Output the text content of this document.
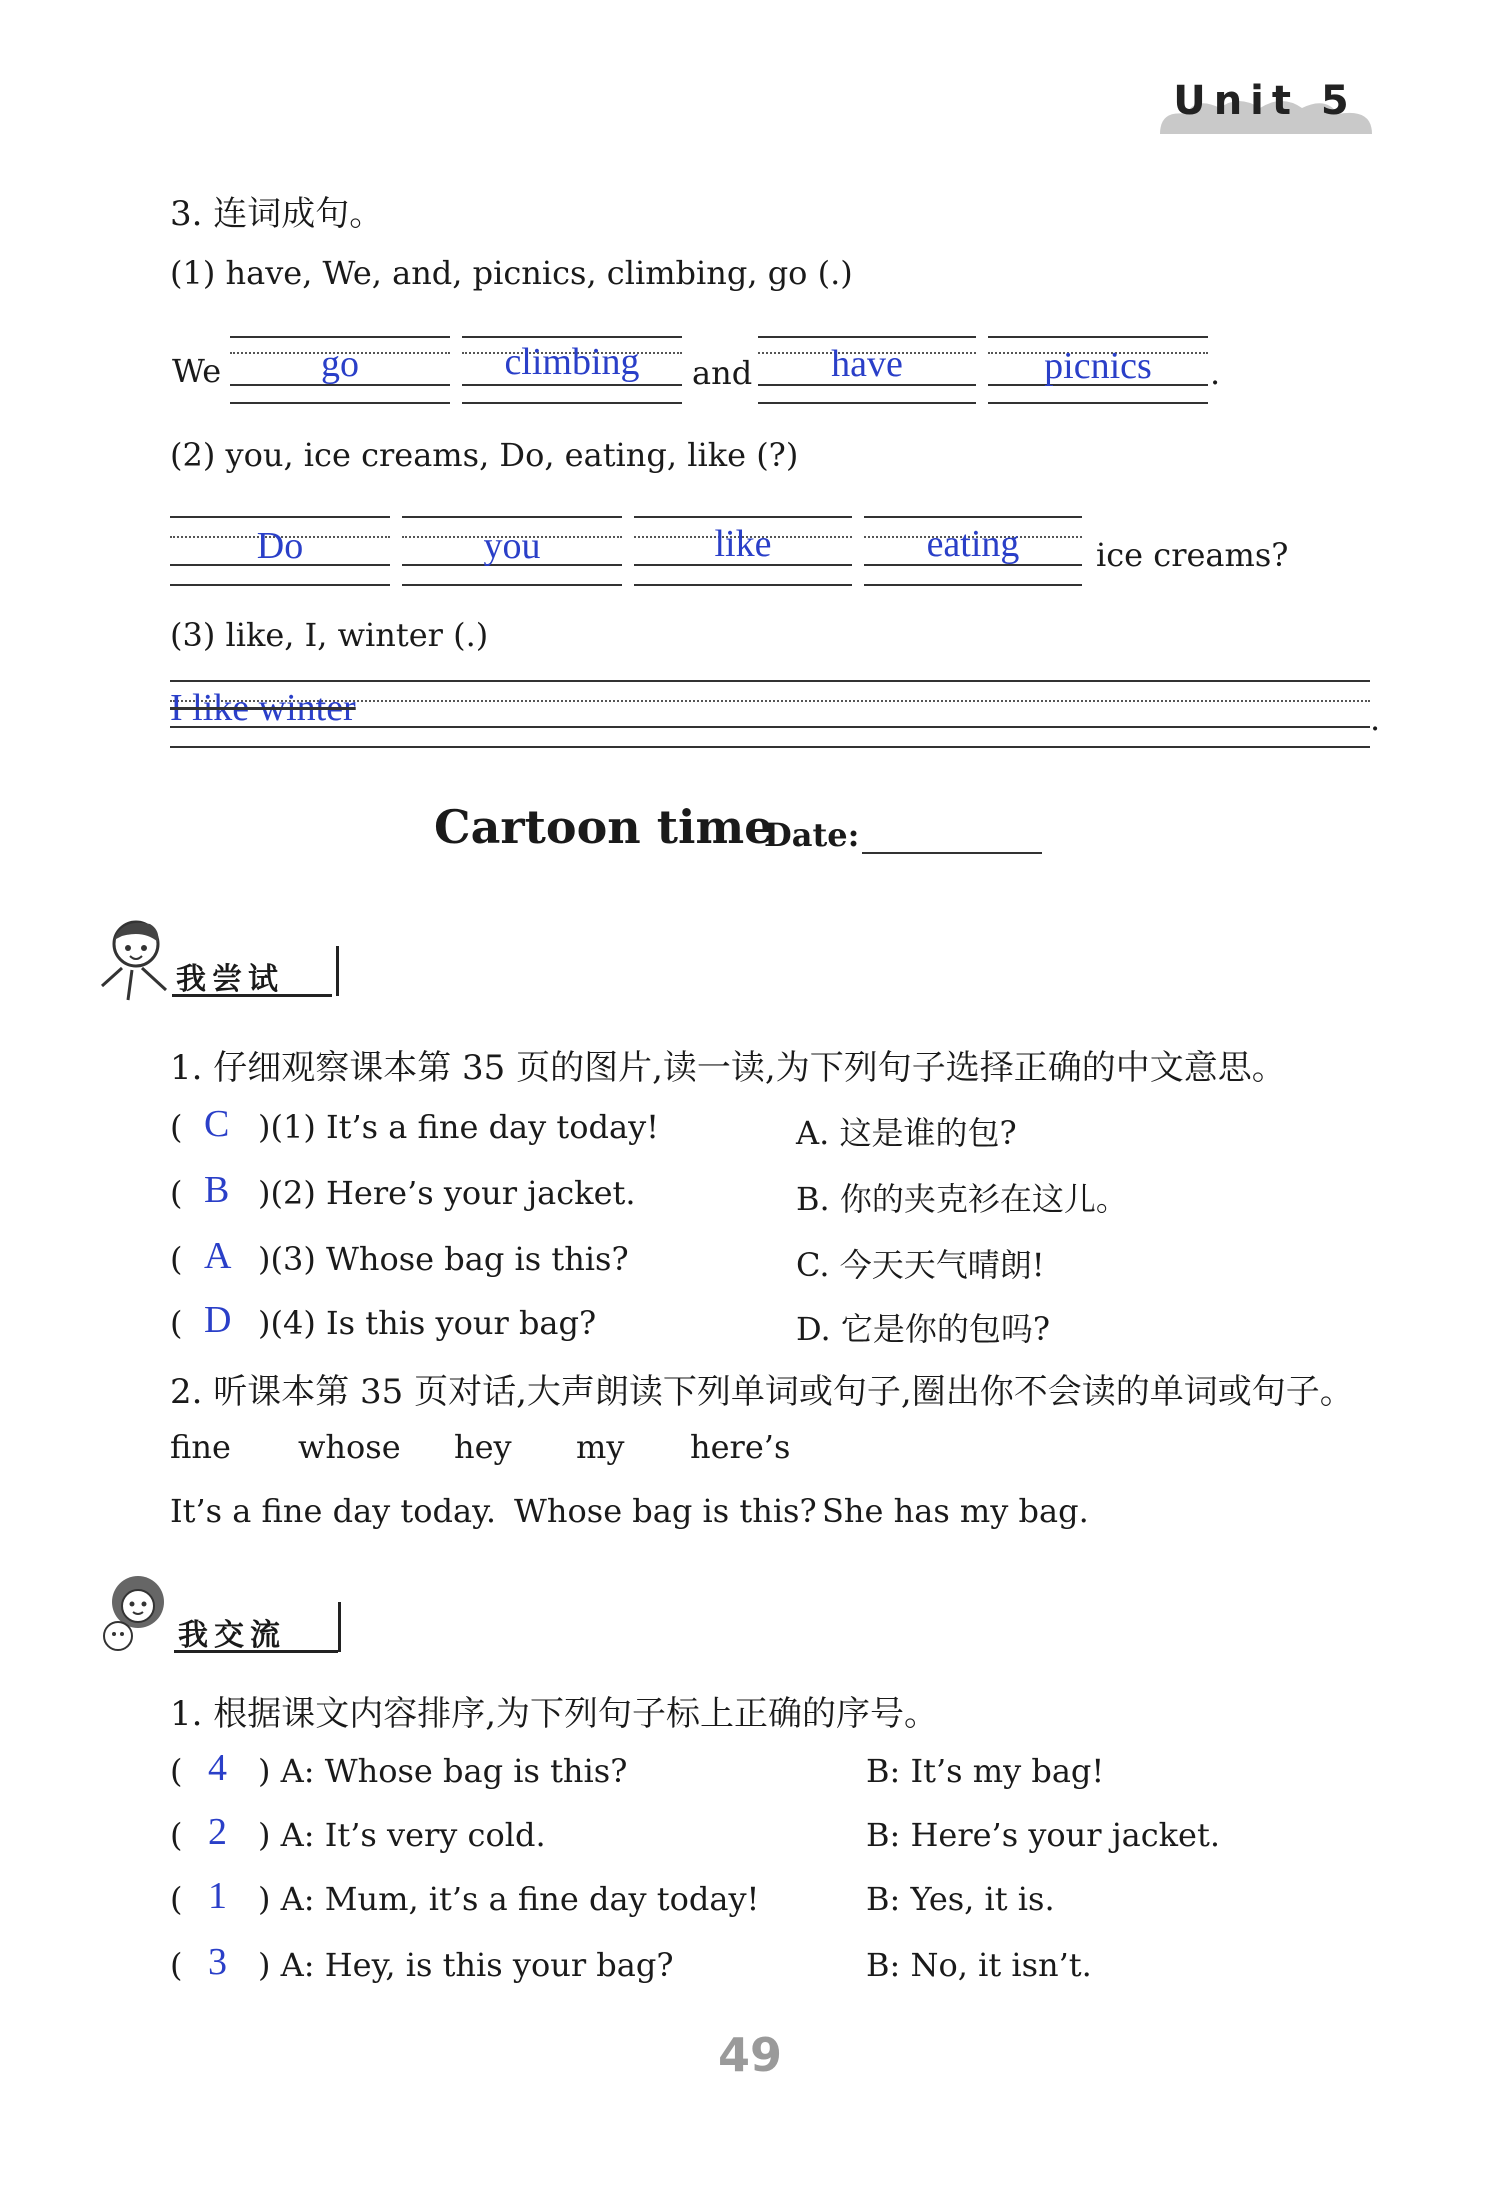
Unit 5
3. 连词成句。
(1) have, We, and, picnics, climbing, go (.)
We	go	climbing	and	have	picnics	.
(2) you, ice creams, Do, eating, like (?)
Do	you	like	eating	ice creams?
(3) like, I, winter (.)
I like winter	.
Cartoon time
Date:
我尝试
1. 仔细观察课本第 35 页的图片,读一读,为下列句子选择正确的中文意思。
( C )(1) It’s a fine day today!	A. 这是谁的包?
( B )(2) Here’s your jacket.	B. 你的夹克衫在这儿。
( A )(3) Whose bag is this?	C. 今天天气晴朗!
( D )(4) Is this your bag?	D. 它是你的包吗?
2. 听课本第 35 页对话,大声朗读下列单词或句子,圈出你不会读的单词或句子。
fine whose hey my here’s
It’s a fine day today. Whose bag is this? She has my bag.
我交流
1. 根据课文内容排序,为下列句子标上正确的序号。
( 4 ) A: Whose bag is this?	B: It’s my bag!
( 2 ) A: It’s very cold.	B: Here’s your jacket.
( 1 ) A: Mum, it’s a fine day today!	B: Yes, it is.
( 3 ) A: Hey, is this your bag?	B: No, it isn’t.
49
